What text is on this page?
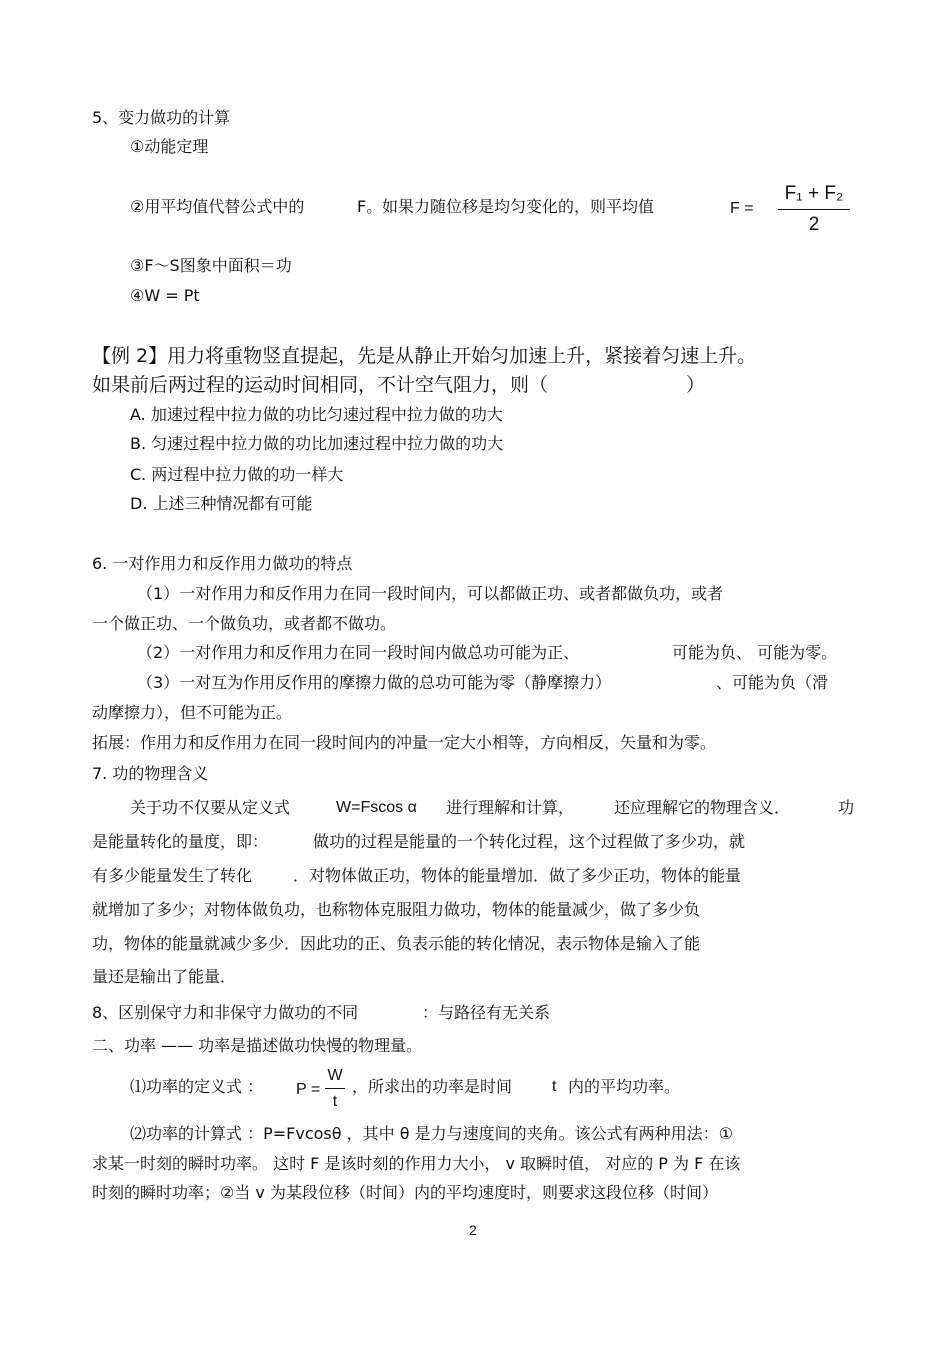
5、变力做功的计算
①动能定理
②用平均值代替公式中的	F。 如果力随位移是均匀变化的，则平均值	F =
F₁ + F₂
2
③F～S图象中面积＝功
④W = Pt
【例 2】用力将重物竖直提起，先是从静止开始匀加速上升，紧接着匀速上升。
如果前后两过程的运动时间相同，不计空气阻力，则（	）
A. 加速过程中拉力做的功比匀速过程中拉力做的功大
B. 匀速过程中拉力做的功比加速过程中拉力做的功大
C. 两过程中拉力做的功一样大
D. 上述三种情况都有可能
6. 一对作用力和反作用力做功的特点
（1）一对作用力和反作用力在同一段时间内，可以都做正功、或者都做负功，或者
一个做正功、一个做负功，或者都不做功。
（2）一对作用力和反作用力在同一段时间内做总功可能为正、	可能为负、 可能为零。
（3）一对互为作用反作用的摩擦力做的总功可能为零（静摩擦力）	、可能为负（滑
动摩擦力），但不可能为正。
拓展：作用力和反作用力在同一段时间内的冲量一定大小相等，方向相反，矢量和为零。
7. 功的物理含义
关于功不仅要从定义式	W=Fscos α 进行理解和计算， 还应理解它的物理含义．	功
是能量转化的量度，即：	做功的过程是能量的一个转化过程，这个过程做了多少功，就
有多少能量发生了转化	．对物体做正功，物体的能量增加．做了多少正功，物体的能量
就增加了多少；对物体做负功，也称物体克服阻力做功，物体的能量减少，做了多少负
功，物体的能量就减少多少．因此功的正、负表示能的转化情况，表示物体是输入了能
量还是输出了能量．
8、区别保守力和非保守力做功的不同	：与路径有无关系
二、功率 —— 功率是描述做功快慢的物理量。
⑴功率的定义式 ： P =
W
t
，所求出的功率是时间 t 内的平均功率。
⑵功率的计算式 ：P=Fvcosθ ，其中 θ 是力与速度间的夹角。该公式有两种用法：①
求某一时刻的瞬时功率。 这时 F 是该时刻的作用力大小， v 取瞬时值， 对应的 P 为 F 在该
时刻的瞬时功率；②当 v 为某段位移（时间）内的平均速度时，则要求这段位移（时间）
2
